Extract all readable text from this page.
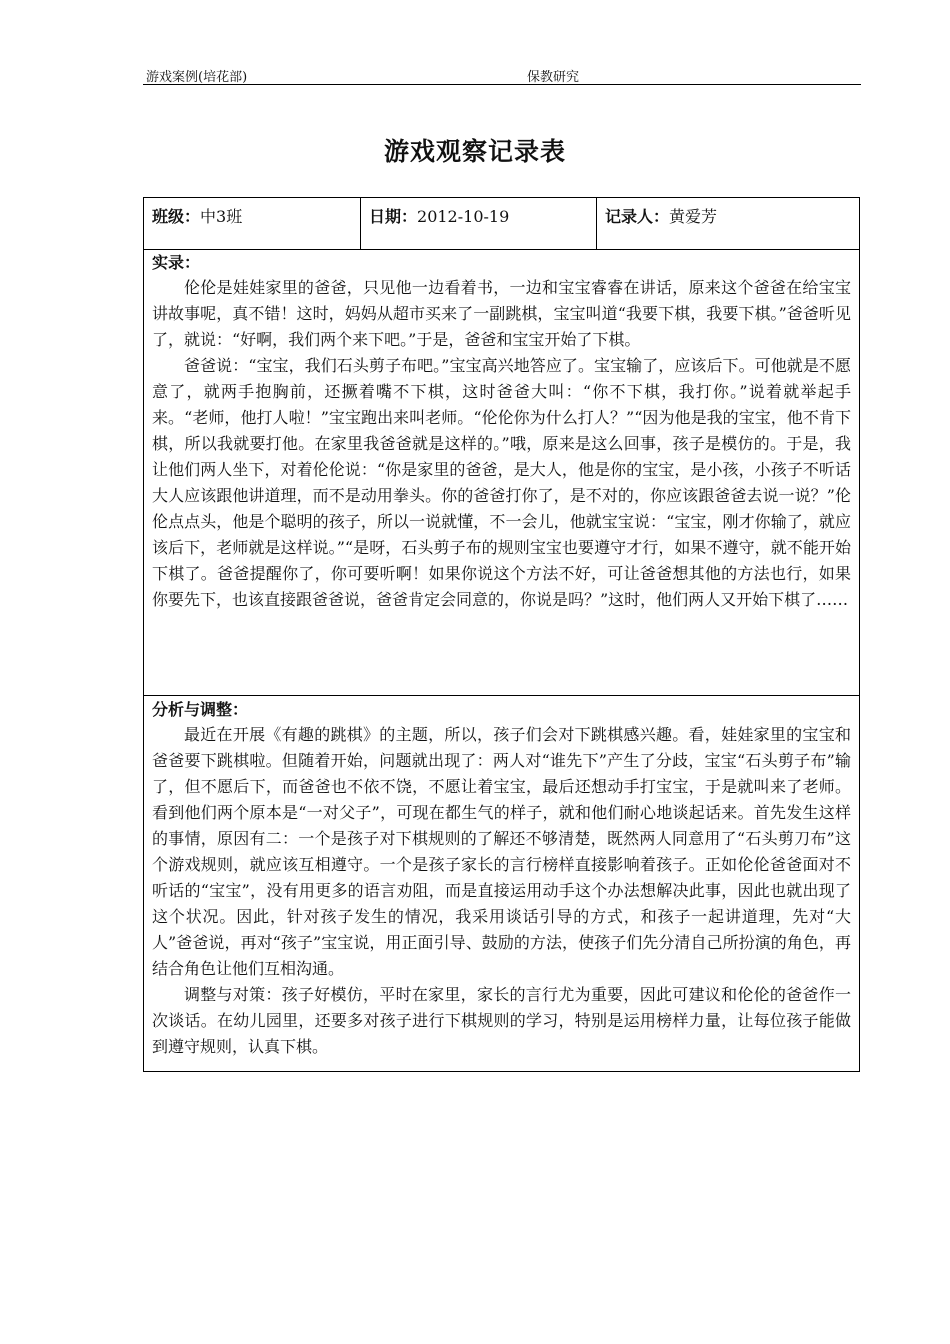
游戏案例(培花部)	保教研究
游戏观察记录表
班级：中3班	日期：2012-10-19	记录人：黄爱芳
实录：

伦伦是娃娃家里的爸爸，只见他一边看着书，一边和宝宝睿睿在讲话，原来这个爸爸在给宝宝讲故事呢，真不错！这时，妈妈从超市买来了一副跳棋，宝宝叫道“我要下棋，我要下棋。”爸爸听见了，就说：“好啊，我们两个来下吧。”于是，爸爸和宝宝开始了下棋。

爸爸说：“宝宝，我们石头剪子布吧。”宝宝高兴地答应了。宝宝输了，应该后下。可他就是不愿意了，就两手抱胸前，还撅着嘴不下棋，这时爸爸大叫：“你不下棋，我打你。”说着就举起手来。“老师，他打人啦！”宝宝跑出来叫老师。“伦伦你为什么打人？”“因为他是我的宝宝，他不肯下棋，所以我就要打他。在家里我爸爸就是这样的。”哦，原来是这么回事，孩子是模仿的。于是，我让他们两人坐下，对着伦伦说：“你是家里的爸爸，是大人，他是你的宝宝，是小孩，小孩子不听话大人应该跟他讲道理，而不是动用拳头。你的爸爸打你了，是不对的，你应该跟爸爸去说一说？”伦伦点点头，他是个聪明的孩子，所以一说就懂，不一会儿，他就宝宝说：“宝宝，刚才你输了，就应该后下，老师就是这样说。”“是呀，石头剪子布的规则宝宝也要遵守才行，如果不遵守，就不能开始下棋了。爸爸提醒你了，你可要听啊！如果你说这个方法不好，可让爸爸想其他的方法也行，如果你要先下，也该直接跟爸爸说，爸爸肯定会同意的，你说是吗？”这时，他们两人又开始下棋了……

分析与调整：

最近在开展《有趣的跳棋》的主题，所以，孩子们会对下跳棋感兴趣。看，娃娃家里的宝宝和爸爸要下跳棋啦。但随着开始，问题就出现了：两人对“谁先下”产生了分歧，宝宝“石头剪子布”输了，但不愿后下，而爸爸也不依不饶，不愿让着宝宝，最后还想动手打宝宝，于是就叫来了老师。看到他们两个原本是“一对父子”，可现在都生气的样子，就和他们耐心地谈起话来。首先发生这样的事情，原因有二：一个是孩子对下棋规则的了解还不够清楚，既然两人同意用了“石头剪刀布”这个游戏规则，就应该互相遵守。一个是孩子家长的言行榜样直接影响着孩子。正如伦伦爸爸面对不听话的“宝宝”，没有用更多的语言劝阻，而是直接运用动手这个办法想解决此事，因此也就出现了这个状况。因此，针对孩子发生的情况，我采用谈话引导的方式，和孩子一起讲道理，先对“大人”爸爸说，再对“孩子”宝宝说，用正面引导、鼓励的方法，使孩子们先分清自己所扮演的角色，再结合角色让他们互相沟通。

调整与对策：孩子好模仿，平时在家里，家长的言行尤为重要，因此可建议和伦伦的爸爸作一次谈话。在幼儿园里，还要多对孩子进行下棋规则的学习，特别是运用榜样力量，让每位孩子能做到遵守规则，认真下棋。
